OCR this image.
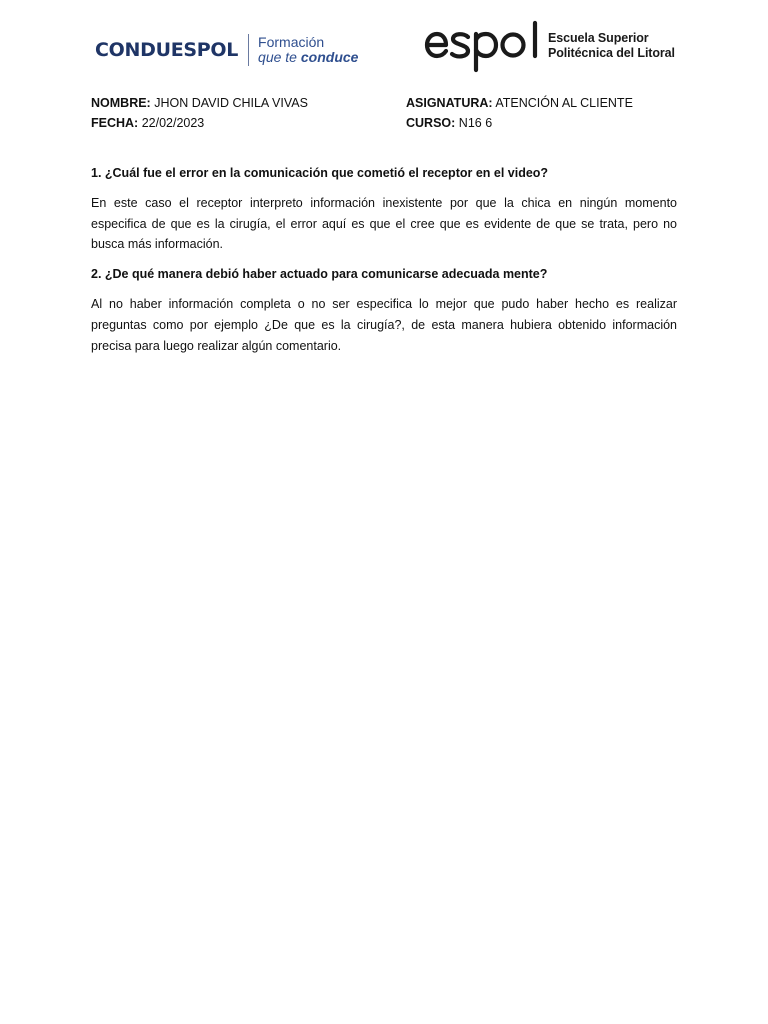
CONDUESPOL Formación
que te conduce
Escuela Superior
Politécnica del Litoral
NOMBRE: JHON DAVID CHILA VIVAS
FECHA: 22/02/2023
ASIGNATURA: ATENCIÓN AL CLIENTE
CURSO: N16 6

1. ¿Cuál fue el error en la comunicación que cometió el receptor en el video?

En este caso el receptor interpreto información inexistente por que la chica en ningún momento especifica de que es la cirugía, el error aquí es que el cree que es evidente de que se trata, pero no busca más información.

2. ¿De qué manera debió haber actuado para comunicarse adecuada mente?

Al no haber información completa o no ser especifica lo mejor que pudo haber hecho es realizar preguntas como por ejemplo ¿De que es la cirugía?, de esta manera hubiera obtenido información precisa para luego realizar algún comentario.
